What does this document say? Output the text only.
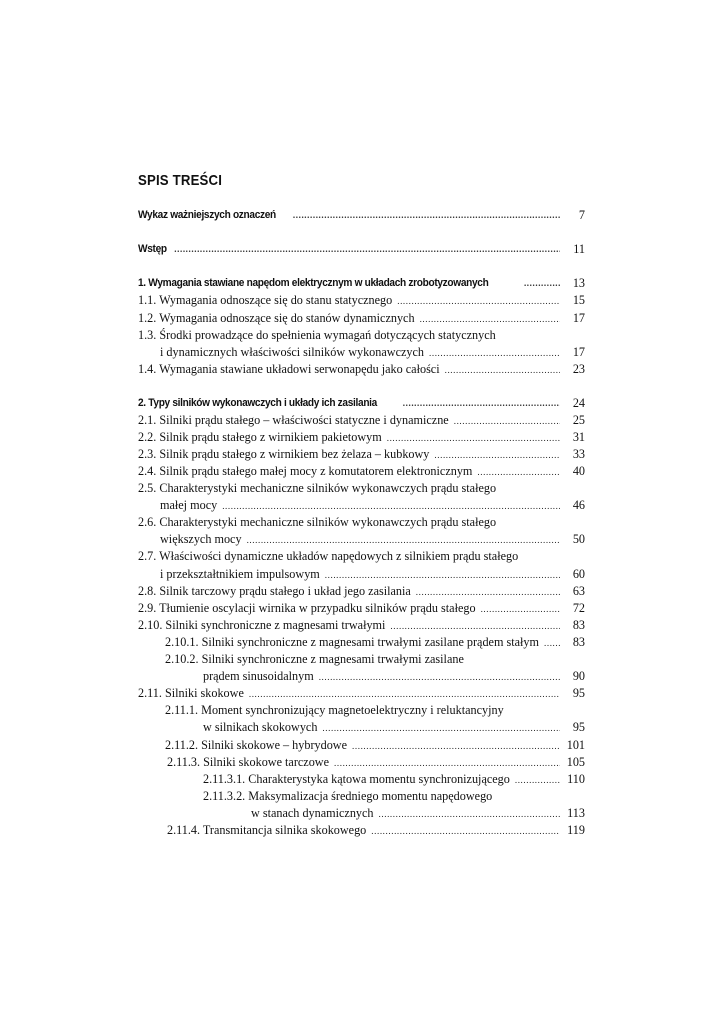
SPIS TREŚCI
Wykaz ważniejszych oznaczeń .....	7
Wstęp .....	11
1. Wymagania stawiane napędom elektrycznym w układach zrobotyzowanych .....	13
1.1. Wymagania odnoszące się do stanu statycznego .....	15
1.2. Wymagania odnoszące się do stanów dynamicznych .....	17
1.3. Środki prowadzące do spełnienia wymagań dotyczących statycznych
i dynamicznych właściwości silników wykonawczych .....	17
1.4. Wymagania stawiane układowi serwonapędu jako całości .....	23
2. Typy silników wykonawczych i układy ich zasilania .....	24
2.1. Silniki prądu stałego – właściwości statyczne i dynamiczne .....	25
2.2. Silnik prądu stałego z wirnikiem pakietowym .....	31
2.3. Silnik prądu stałego z wirnikiem bez żelaza – kubkowy .....	33
2.4. Silnik prądu stałego małej mocy z komutatorem elektronicznym .....	40
2.5. Charakterystyki mechaniczne silników wykonawczych prądu stałego
małej mocy .....	46
2.6. Charakterystyki mechaniczne silników wykonawczych prądu stałego
większych mocy .....	50
2.7. Właściwości dynamiczne układów napędowych z silnikiem prądu stałego
i przekształtnikiem impulsowym .....	60
2.8. Silnik tarczowy prądu stałego i układ jego zasilania .....	63
2.9. Tłumienie oscylacji wirnika w przypadku silników prądu stałego .....	72
2.10. Silniki synchroniczne z magnesami trwałymi .....	83
2.10.1. Silniki synchroniczne z magnesami trwałymi zasilane prądem stałym .....	83
2.10.2. Silniki synchroniczne z magnesami trwałymi zasilane
prądem sinusoidalnym .....	90
2.11. Silniki skokowe .....	95
2.11.1. Moment synchronizujący magnetoelektryczny i reluktancyjny
w silnikach skokowych .....	95
2.11.2. Silniki skokowe – hybrydowe .....	101
2.11.3. Silniki skokowe tarczowe .....	105
2.11.3.1. Charakterystyka kątowa momentu synchronizującego .....	110
2.11.3.2. Maksymalizacja średniego momentu napędowego
w stanach dynamicznych .....	113
2.11.4. Transmitancja silnika skokowego .....	119
